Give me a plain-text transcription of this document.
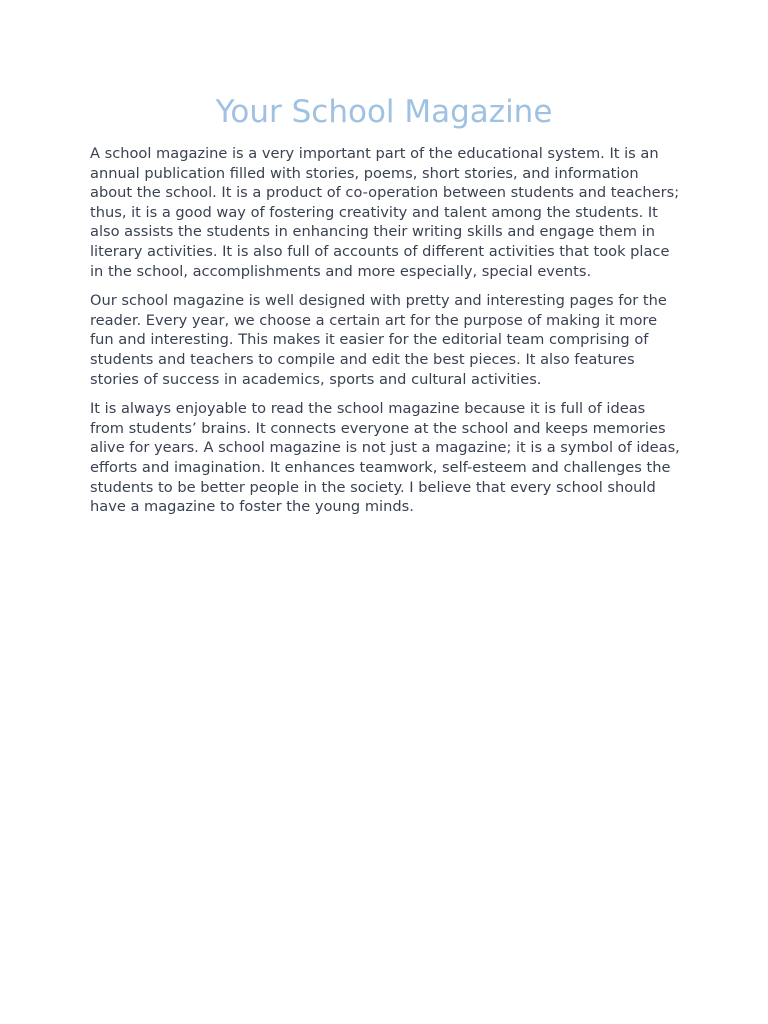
Your School Magazine

A school magazine is a very important part of the educational system. It is an annual publication filled with stories, poems, short stories, and information about the school. It is a product of co-operation between students and teachers; thus, it is a good way of fostering creativity and talent among the students. It also assists the students in enhancing their writing skills and engage them in literary activities. It is also full of accounts of different activities that took place in the school, accomplishments and more especially, special events.

Our school magazine is well designed with pretty and interesting pages for the reader. Every year, we choose a certain art for the purpose of making it more fun and interesting. This makes it easier for the editorial team comprising of students and teachers to compile and edit the best pieces. It also features stories of success in academics, sports and cultural activities.

It is always enjoyable to read the school magazine because it is full of ideas from students’ brains. It connects everyone at the school and keeps memories alive for years. A school magazine is not just a magazine; it is a symbol of ideas, efforts and imagination. It enhances teamwork, self-esteem and challenges the students to be better people in the society. I believe that every school should have a magazine to foster the young minds.
